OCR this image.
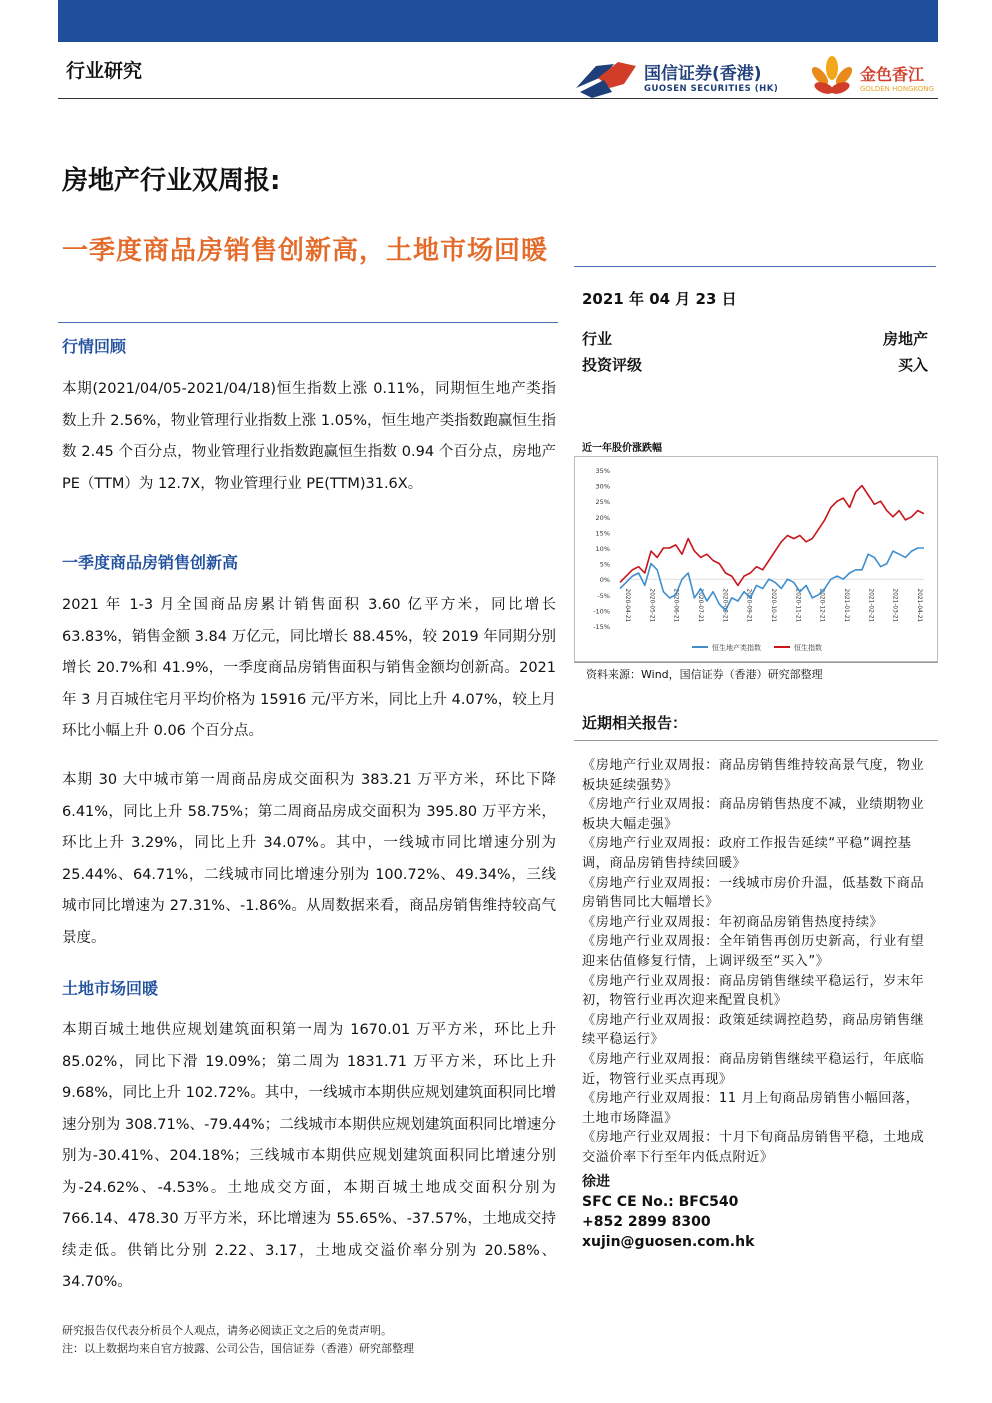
行业研究	国信证券(香港)
GUOSEN SECURITIES (HK)
金色香江
GOLDEN HONGKONG
房地产行业双周报:
一季度商品房销售创新高，土地市场回暖
2021 年 04 月 23 日
行业	房地产
投资评级	买入
行情回顾

本期(2021/04/05-2021/04/18)恒生指数上涨 0.11%，同期恒生地产类指数上升 2.56%，物业管理行业指数上涨 1.05%，恒生地产类指数跑赢恒生指数 2.45 个百分点，物业管理行业指数跑赢恒生指数 0.94 个百分点，房地产 PE（TTM）为 12.7X，物业管理行业 PE(TTM)31.6X。

一季度商品房销售创新高

2021 年 1-3 月全国商品房累计销售面积 3.60 亿平方米，同比增长 63.83%，销售金额 3.84 万亿元，同比增长 88.45%，较 2019 年同期分别增长 20.7%和 41.9%，一季度商品房销售面积与销售金额均创新高。2021 年 3 月百城住宅月平均价格为 15916 元/平方米，同比上升 4.07%，较上月环比小幅上升 0.06 个百分点。

本期 30 大中城市第一周商品房成交面积为 383.21 万平方米，环比下降 6.41%，同比上升 58.75%；第二周商品房成交面积为 395.80 万平方米，环比上升 3.29%，同比上升 34.07%。其中，一线城市同比增速分别为 25.44%、64.71%，二线城市同比增速分别为 100.72%、49.34%，三线城市同比增速为 27.31%、-1.86%。从周数据来看，商品房销售维持较高气景度。

土地市场回暖

本期百城土地供应规划建筑面积第一周为 1670.01 万平方米，环比上升 85.02%，同比下滑 19.09%；第二周为 1831.71 万平方米，环比上升 9.68%，同比上升 102.72%。其中，一线城市本期供应规划建筑面积同比增速分别为 308.71%、-79.44%；二线城市本期供应规划建筑面积同比增速分别为-30.41%、204.18%；三线城市本期供应规划建筑面积同比增速分别为-24.62%、-4.53%。土地成交方面，本期百城土地成交面积分别为 766.14、478.30 万平方米，环比增速为 55.65%、-37.57%，土地成交持续走低。供销比分别 2.22、3.17，土地成交溢价率分别为 20.58%、34.70%。

近一年股价涨跌幅
35%
30%
25%
20%
15%
10%
5%
0%
-5%
-10%
-15%
2020-04-21	2020-05-21	2020-06-21	2020-07-21	2020-08-21	2020-09-21	2020-10-21	2020-11-21	2020-12-21	2021-01-21	2021-02-21	2021-03-21	2021-04-21
恒生地产类指数	恒生指数
资料来源：Wind，国信证券（香港）研究部整理
近期相关报告：
《房地产行业双周报：商品房销售维持较高景气度，物业板块延续强势》
《房地产行业双周报：商品房销售热度不减，业绩期物业板块大幅走强》
《房地产行业双周报：政府工作报告延续“平稳”调控基调，商品房销售持续回暖》
《房地产行业双周报：一线城市房价升温，低基数下商品房销售同比大幅增长》
《房地产行业双周报：年初商品房销售热度持续》
《房地产行业双周报：全年销售再创历史新高，行业有望迎来估值修复行情，上调评级至“买入”》
《房地产行业双周报：商品房销售继续平稳运行，岁末年初，物管行业再次迎来配置良机》
《房地产行业双周报：政策延续调控趋势，商品房销售继续平稳运行》
《房地产行业双周报：商品房销售继续平稳运行，年底临近，物管行业买点再现》
《房地产行业双周报：11 月上旬商品房销售小幅回落，土地市场降温》
《房地产行业双周报：十月下旬商品房销售平稳，土地成交溢价率下行至年内低点附近》
徐进
SFC CE No.: BFC540
+852 2899 8300
xujin@guosen.com.hk
研究报告仅代表分析员个人观点，请务必阅读正文之后的免责声明。
注：以上数据均来自官方披露、公司公告，国信证券（香港）研究部整理
